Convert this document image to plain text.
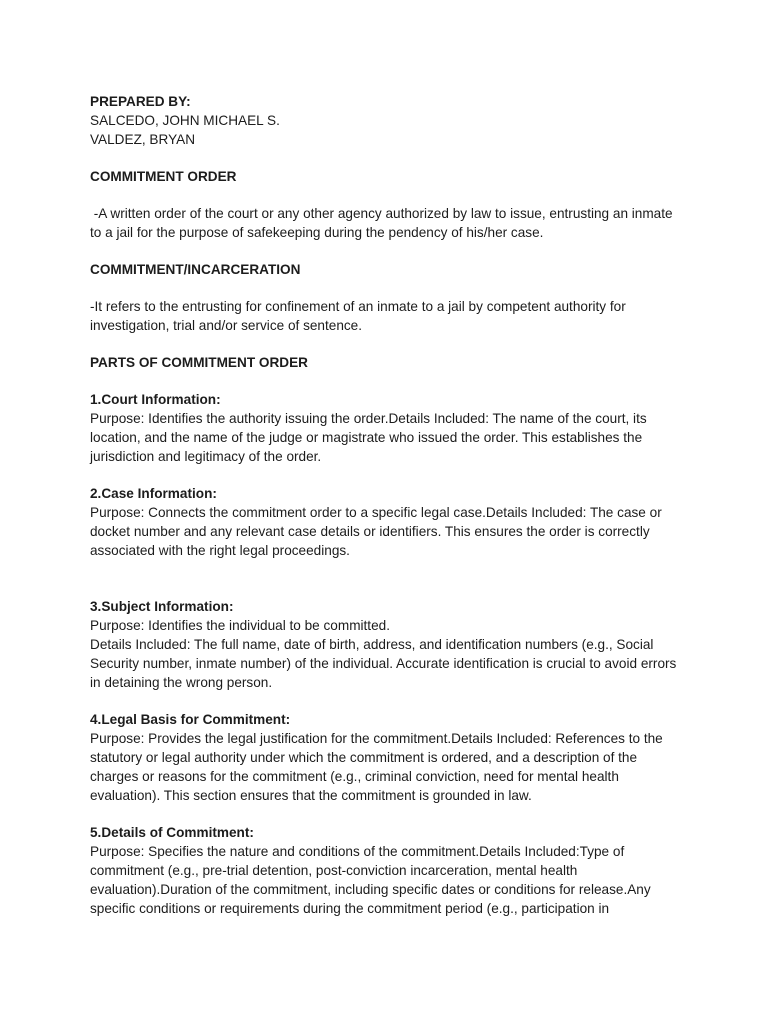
PREPARED BY:
SALCEDO, JOHN MICHAEL S.
VALDEZ, BRYAN
COMMITMENT ORDER
-A written order of the court or any other agency authorized by law to issue, entrusting an inmate to a jail for the purpose of safekeeping during the pendency of his/her case.
COMMITMENT/INCARCERATION
-It refers to the entrusting for confinement of an inmate to a jail by competent authority for investigation, trial and/or service of sentence.
PARTS OF COMMITMENT ORDER
1.Court Information:
Purpose: Identifies the authority issuing the order.Details Included: The name of the court, its location, and the name of the judge or magistrate who issued the order. This establishes the jurisdiction and legitimacy of the order.
2.Case Information:
Purpose: Connects the commitment order to a specific legal case.Details Included: The case or docket number and any relevant case details or identifiers. This ensures the order is correctly associated with the right legal proceedings.
3.Subject Information:
Purpose: Identifies the individual to be committed.
Details Included: The full name, date of birth, address, and identification numbers (e.g., Social Security number, inmate number) of the individual. Accurate identification is crucial to avoid errors in detaining the wrong person.
4.Legal Basis for Commitment:
Purpose: Provides the legal justification for the commitment.Details Included: References to the statutory or legal authority under which the commitment is ordered, and a description of the charges or reasons for the commitment (e.g., criminal conviction, need for mental health evaluation). This section ensures that the commitment is grounded in law.
5.Details of Commitment:
Purpose: Specifies the nature and conditions of the commitment.Details Included:Type of commitment (e.g., pre-trial detention, post-conviction incarceration, mental health evaluation).Duration of the commitment, including specific dates or conditions for release.Any specific conditions or requirements during the commitment period (e.g., participation in
